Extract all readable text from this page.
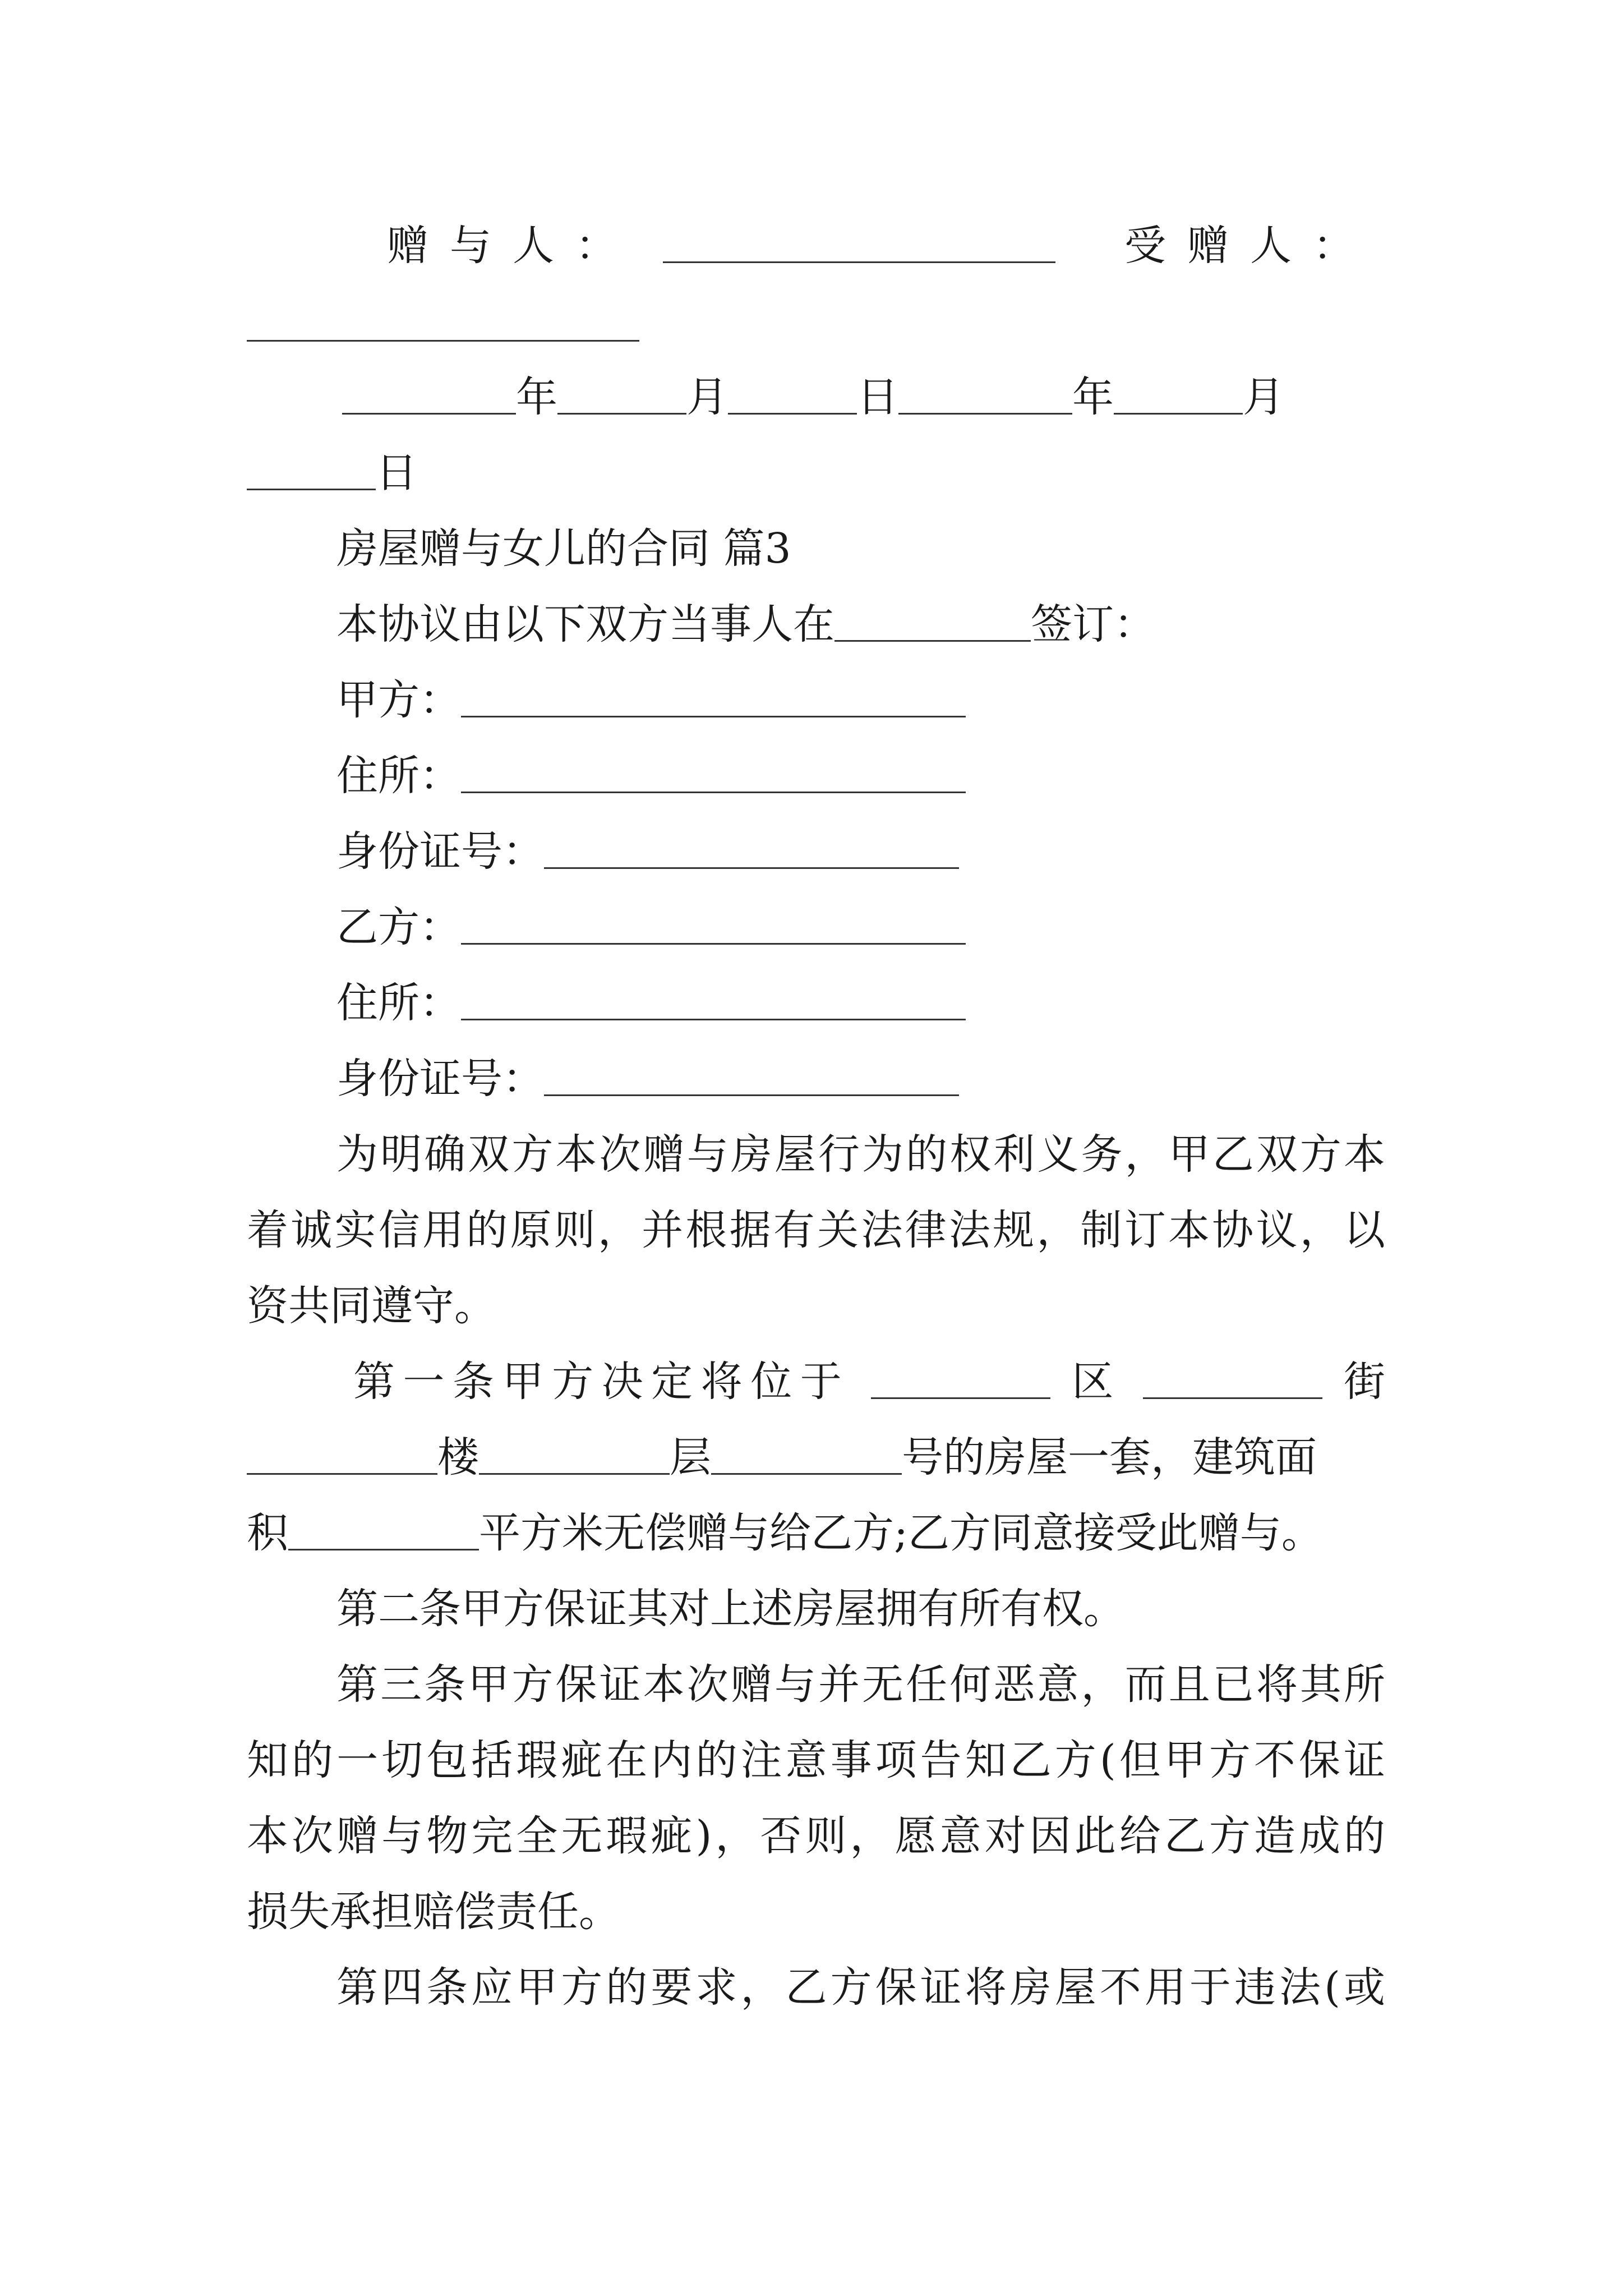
赠与人：	受赠人：
年	月	日	年	月
日
房屋赠与女儿的合同 篇3
本协议由以下双方当事人在	签订：
甲方：
住所：
身份证号：
乙方：
住所：
身份证号：
为明确双方本次赠与房屋行为的权利义务，甲乙双方本
着诚实信用的原则，并根据有关法律法规，制订本协议，以
资共同遵守。
第一条甲方决定将位于	区	街
楼	层	号的房屋一套，建筑面
积	平方米无偿赠与给乙方;乙方同意接受此赠与。
第二条甲方保证其对上述房屋拥有所有权。
第三条甲方保证本次赠与并无任何恶意，而且已将其所
知的一切包括瑕疵在内的注意事项告知乙方(但甲方不保证
本次赠与物完全无瑕疵)，否则，愿意对因此给乙方造成的
损失承担赔偿责任。
第四条应甲方的要求，乙方保证将房屋不用于违法(或
